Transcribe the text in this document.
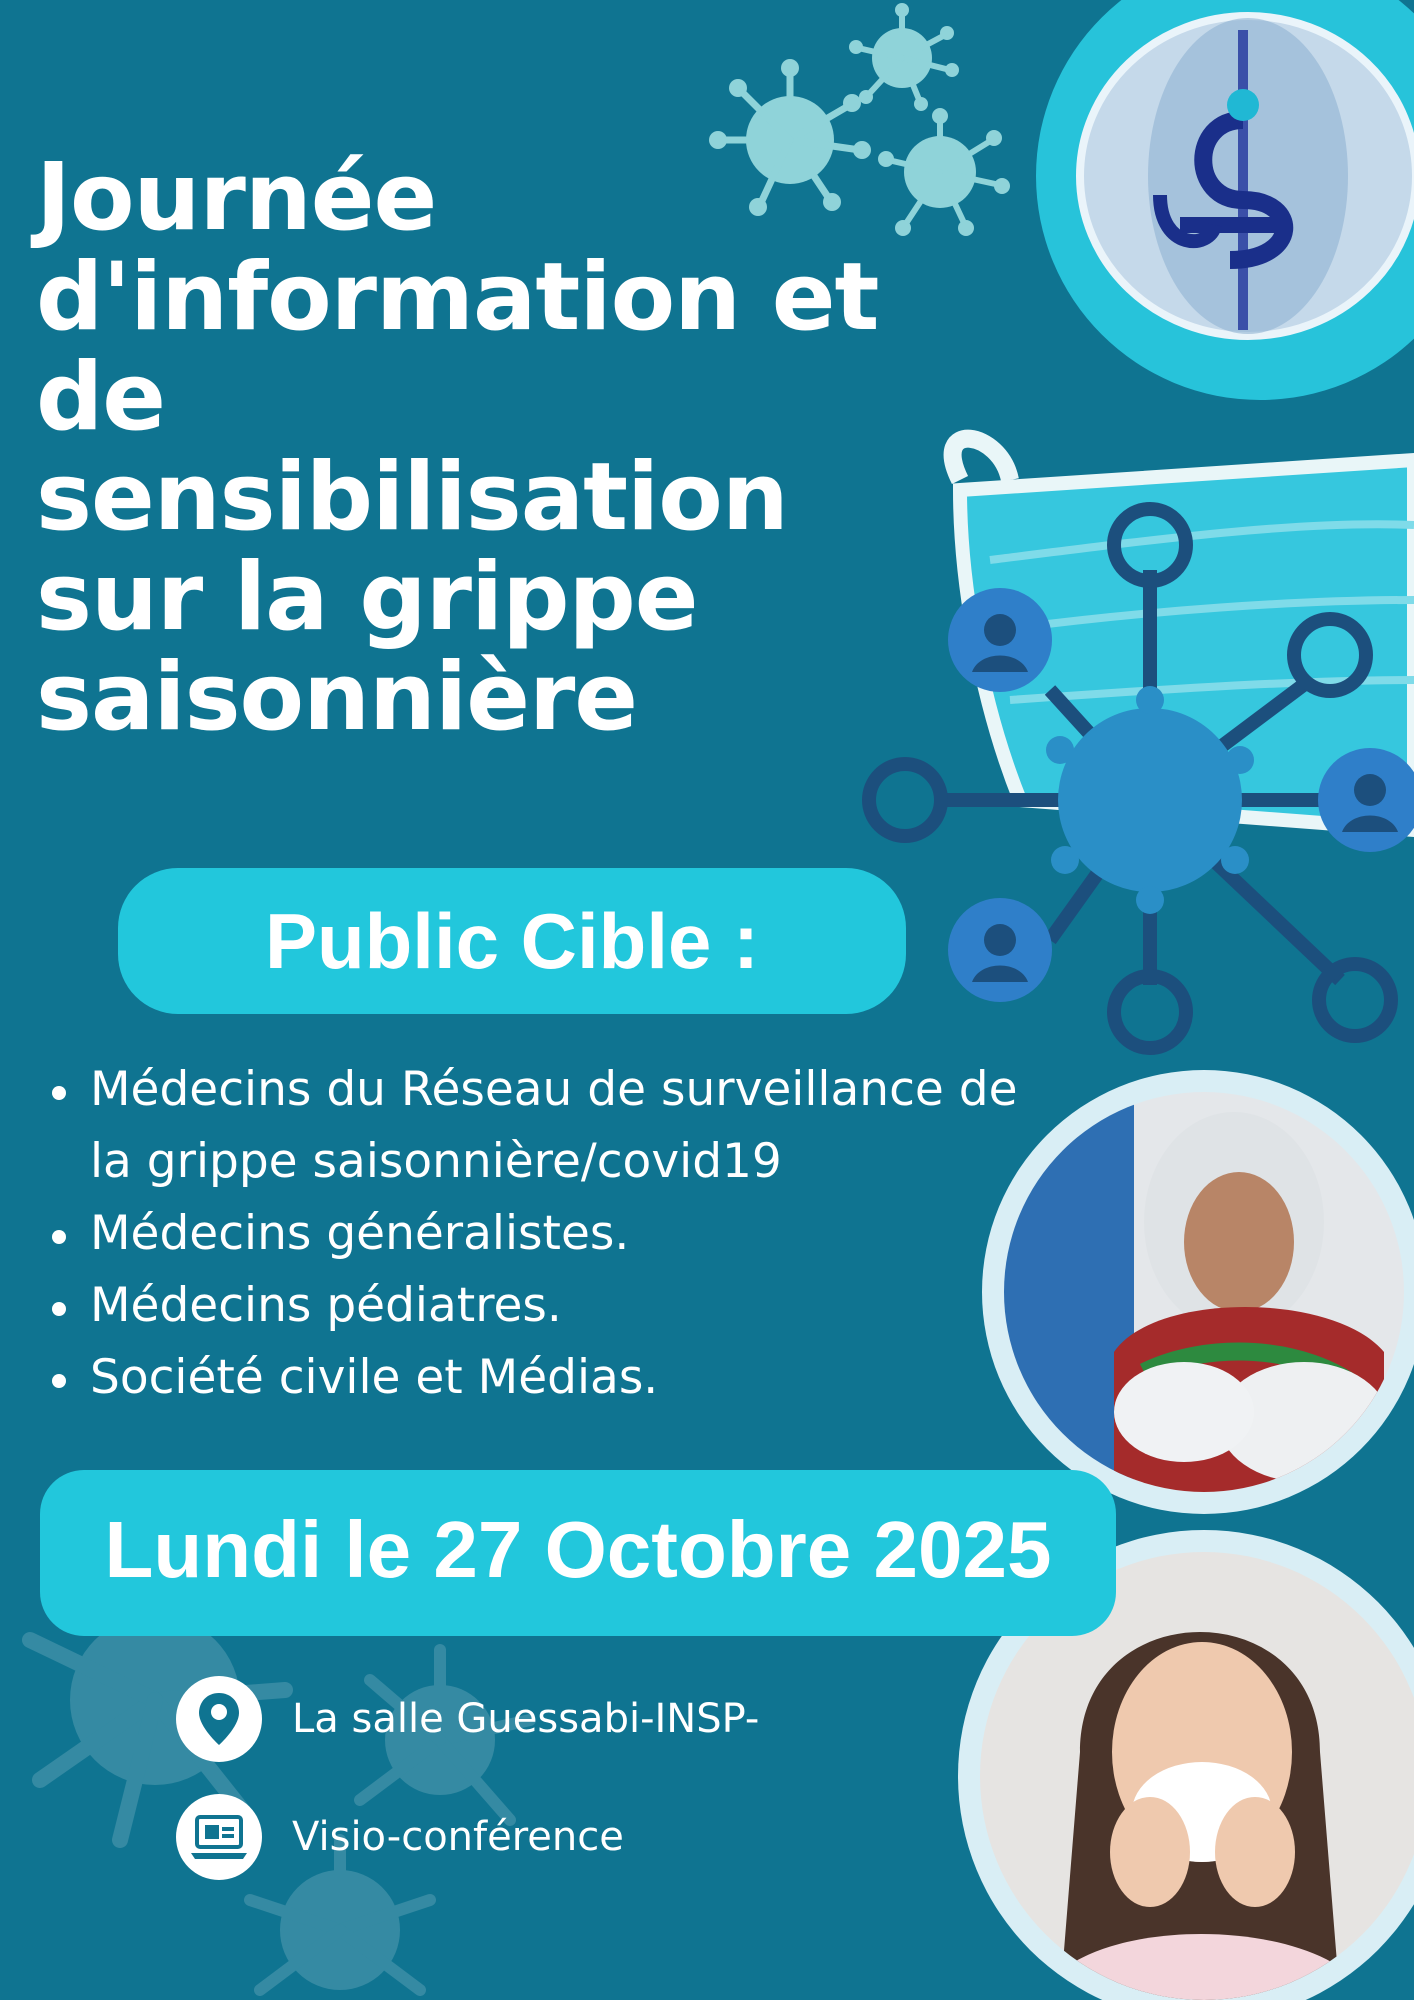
Journée d'information et de sensibilisation sur la grippe saisonnière
Public Cible :
Médecins du Réseau de surveillance de la grippe saisonnière/covid19
Médecins généralistes.
Médecins pédiatres.
Société civile et Médias.
Lundi le 27 Octobre 2025
La salle Guessabi-INSP-
Visio-conférence
